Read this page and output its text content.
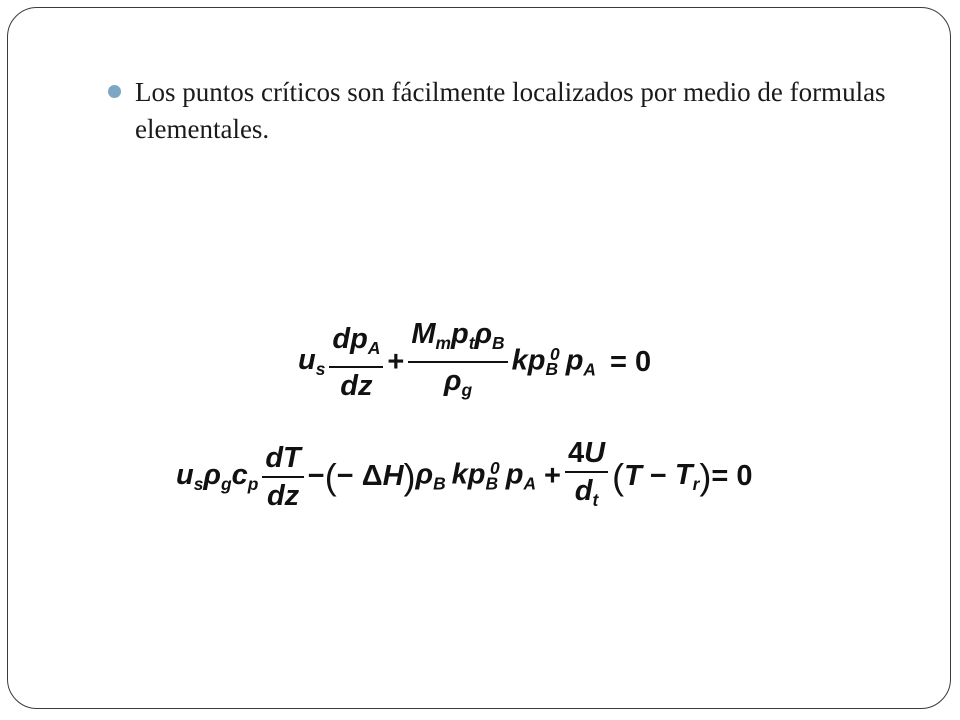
Los puntos críticos son fácilmente localizados por medio de formulas elementales.
$u_s \frac{dp_A}{dz} + \frac{M_mp_t\rho_B}{\rho_g} kp_B^0$ $p_A = 0$
$u_s\rho_gc_p \frac{dT}{dz}$ − ( − Δ H ) $\rho_B$ $kp_B^0$ $p_A + \frac{4U}{d_t}$ ( $T - T_r$ ) = 0
